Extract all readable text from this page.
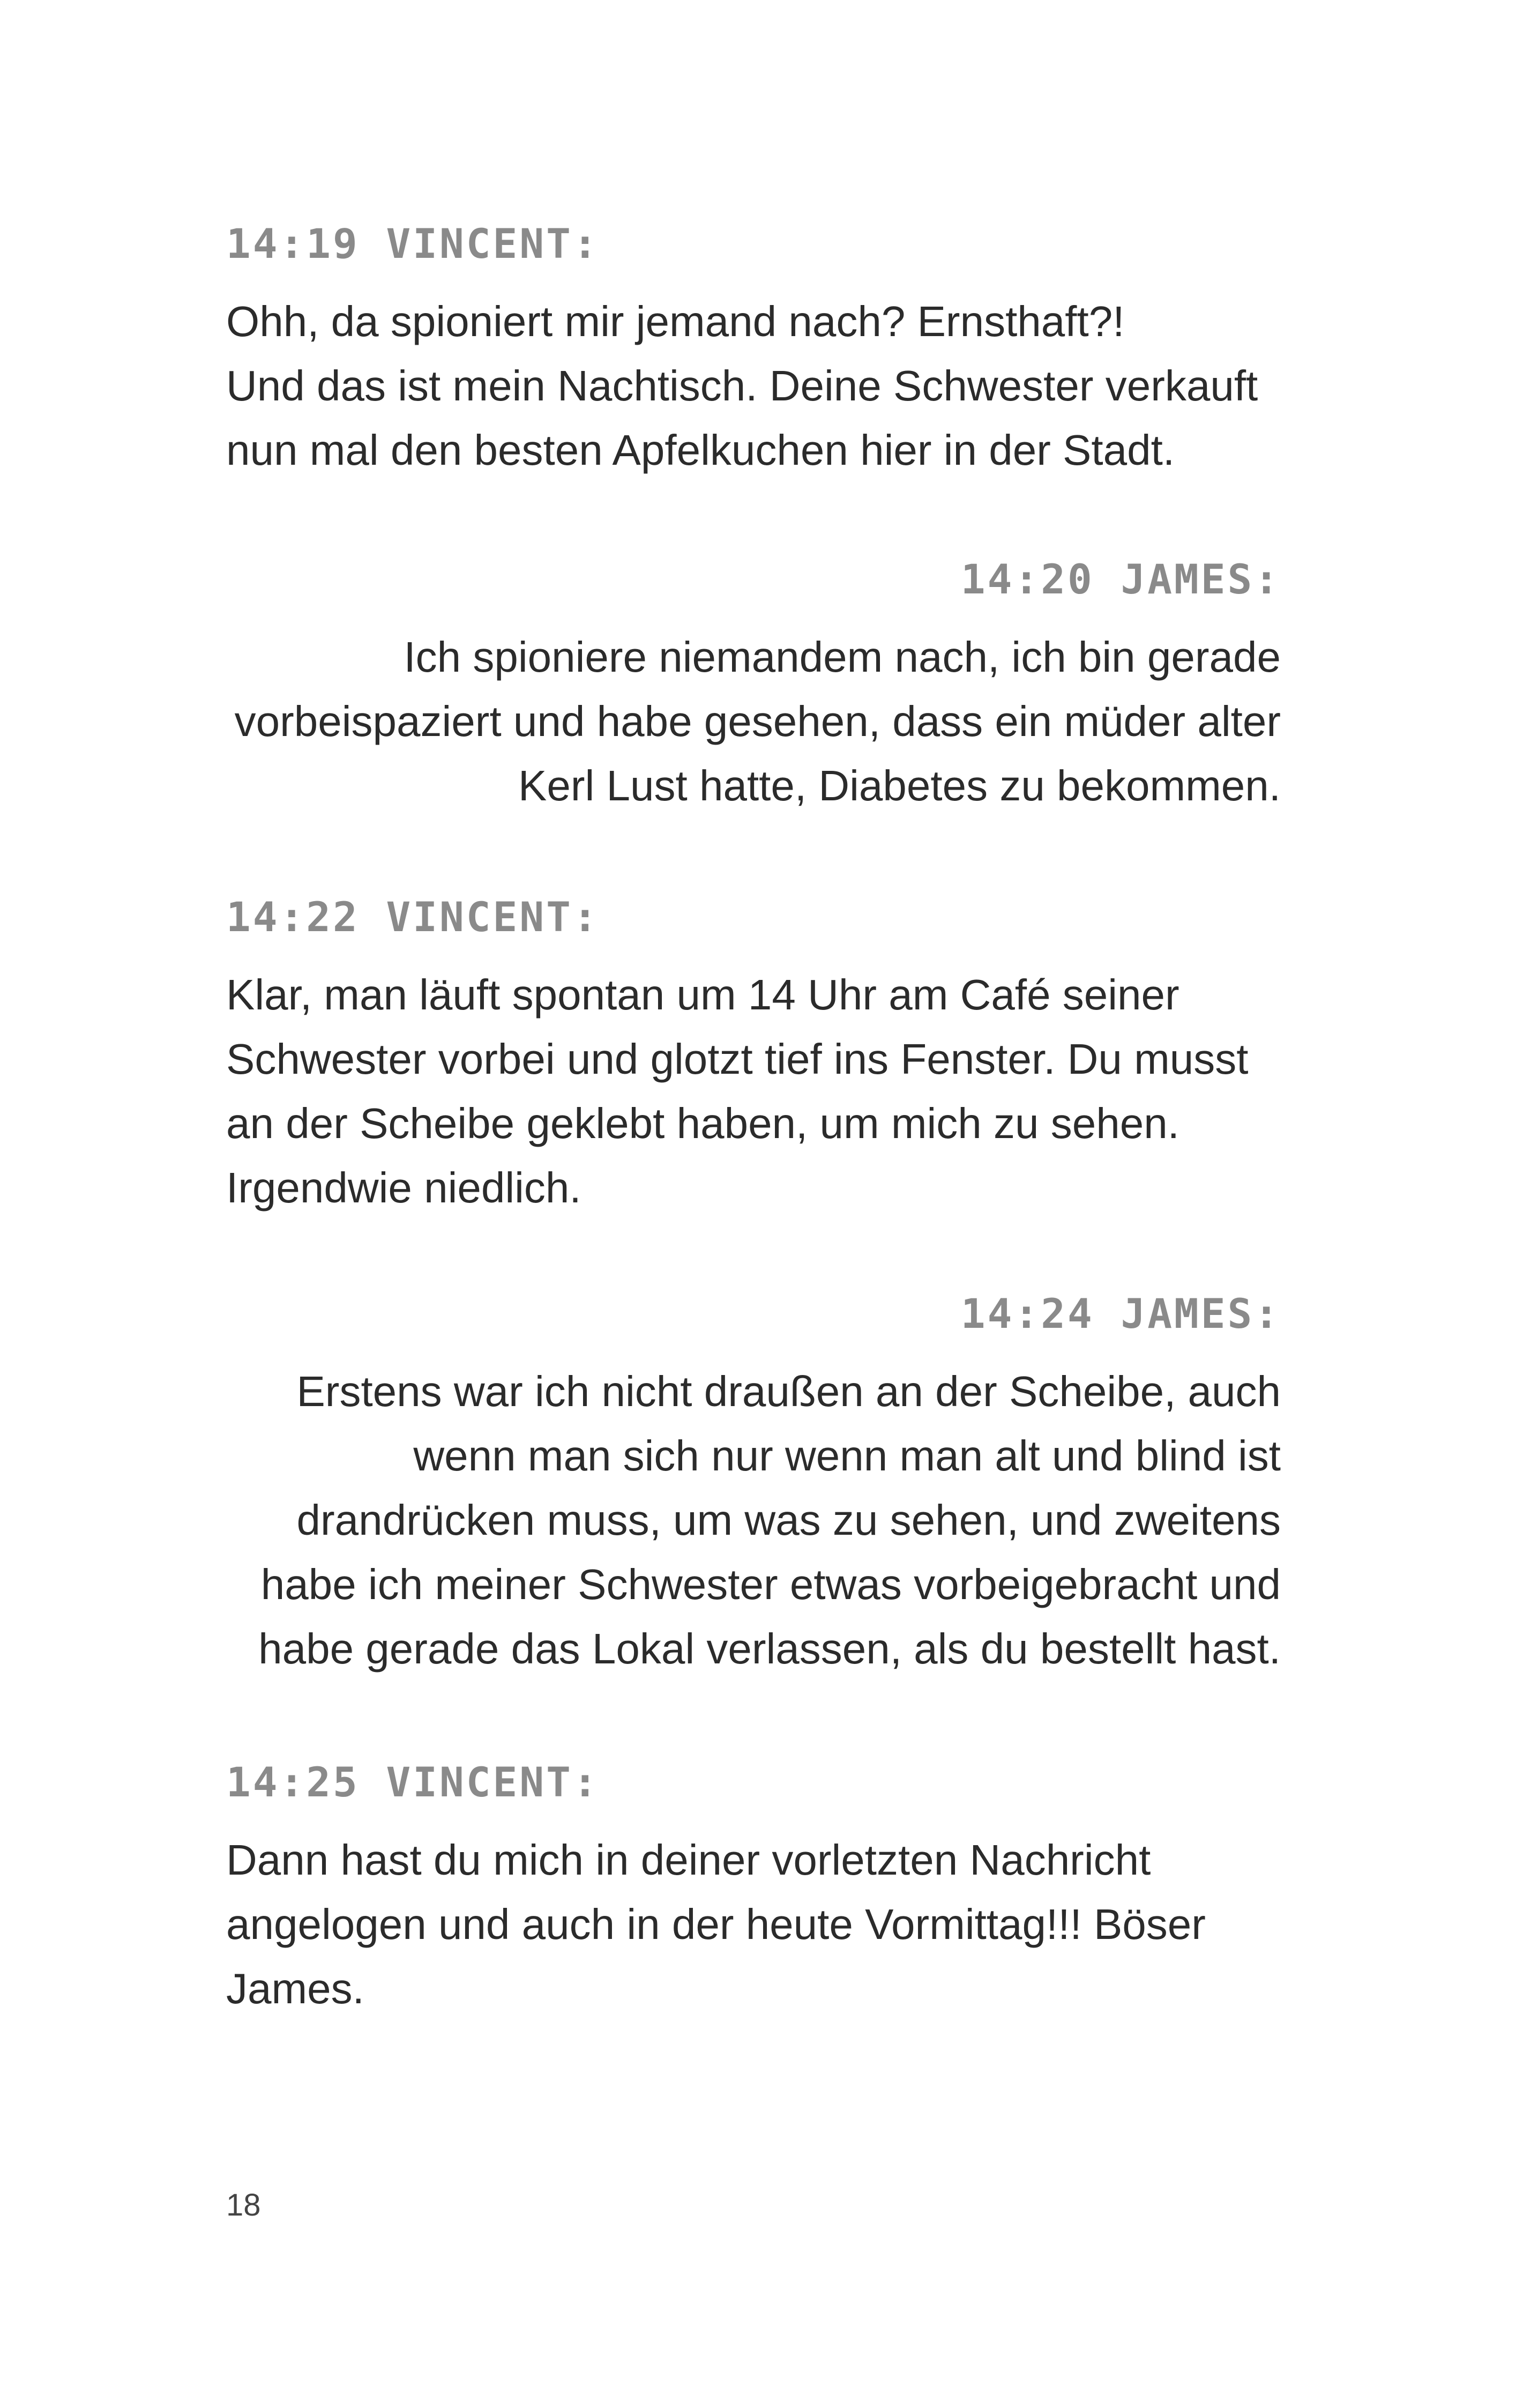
14:19 VINCENT:
Ohh, da spioniert mir jemand nach? Ernsthaft?!
Und das ist mein Nachtisch. Deine Schwester verkauft
nun mal den besten Apfelkuchen hier in der Stadt.
14:20 JAMES:
Ich spioniere niemandem nach, ich bin gerade
vorbeispaziert und habe gesehen, dass ein müder alter
Kerl Lust hatte, Diabetes zu bekommen.
14:22 VINCENT:
Klar, man läuft spontan um 14 Uhr am Café seiner
Schwester vorbei und glotzt tief ins Fenster. Du musst
an der Scheibe geklebt haben, um mich zu sehen.
Irgendwie niedlich.
14:24 JAMES:
Erstens war ich nicht draußen an der Scheibe, auch
wenn man sich nur wenn man alt und blind ist
drandrücken muss, um was zu sehen, und zweitens
habe ich meiner Schwester etwas vorbeigebracht und
habe gerade das Lokal verlassen, als du bestellt hast.
14:25 VINCENT:
Dann hast du mich in deiner vorletzten Nachricht
angelogen und auch in der heute Vormittag!!! Böser
James.
18
